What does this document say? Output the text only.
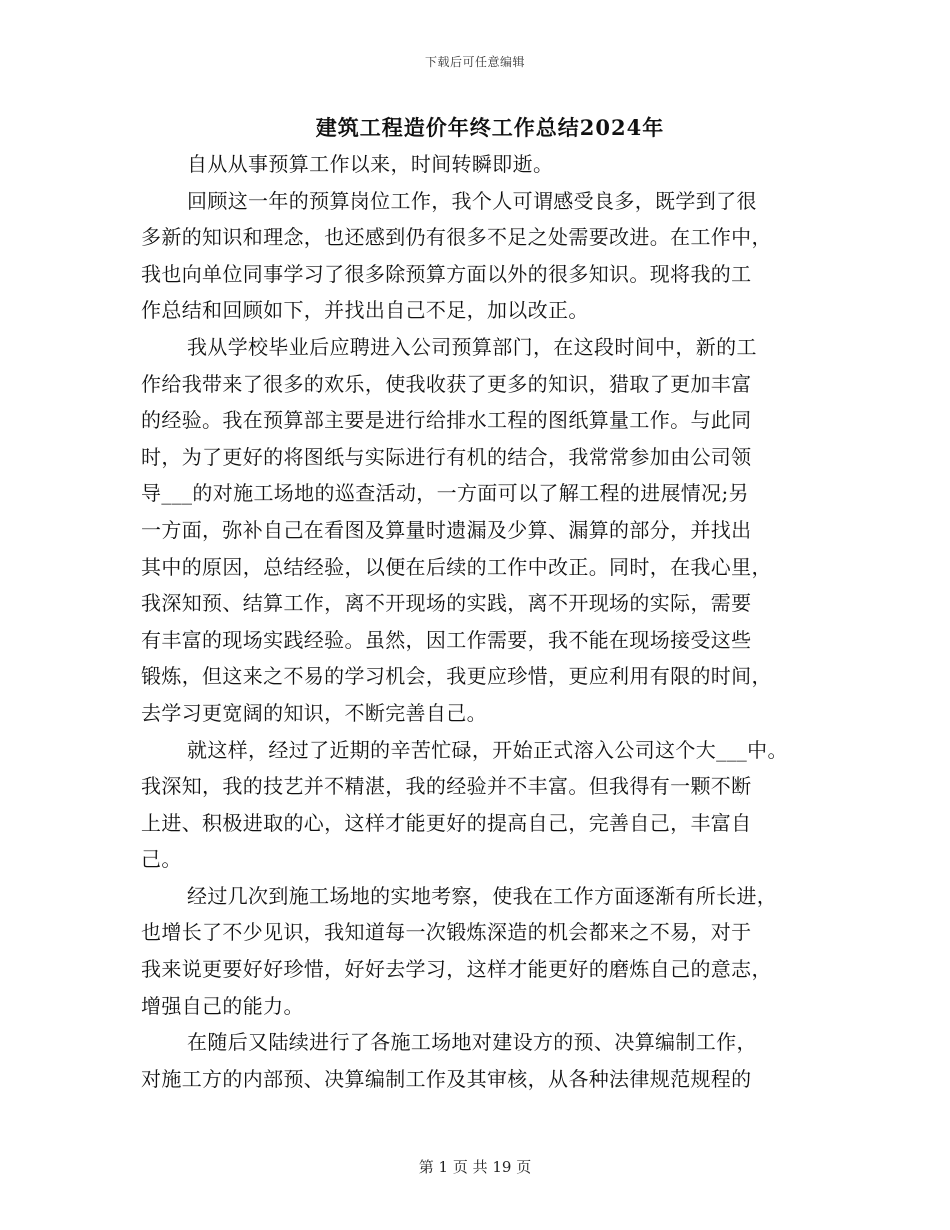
下载后可任意编辑
建筑工程造价年终工作总结2024年
自从从事预算工作以来，时间转瞬即逝。
回顾这一年的预算岗位工作，我个人可谓感受良多，既学到了很
多新的知识和理念，也还感到仍有很多不足之处需要改进。在工作中，
我也向单位同事学习了很多除预算方面以外的很多知识。现将我的工
作总结和回顾如下，并找出自己不足，加以改正。
我从学校毕业后应聘进入公司预算部门，在这段时间中，新的工
作给我带来了很多的欢乐，使我收获了更多的知识，猎取了更加丰富
的经验。我在预算部主要是进行给排水工程的图纸算量工作。与此同
时，为了更好的将图纸与实际进行有机的结合，我常常参加由公司领
导___的对施工场地的巡查活动，一方面可以了解工程的进展情况;另
一方面，弥补自己在看图及算量时遗漏及少算、漏算的部分，并找出
其中的原因，总结经验，以便在后续的工作中改正。同时，在我心里，
我深知预、结算工作，离不开现场的实践，离不开现场的实际，需要
有丰富的现场实践经验。虽然，因工作需要，我不能在现场接受这些
锻炼，但这来之不易的学习机会，我更应珍惜，更应利用有限的时间，
去学习更宽阔的知识，不断完善自己。
就这样，经过了近期的辛苦忙碌，开始正式溶入公司这个大___中。
我深知，我的技艺并不精湛，我的经验并不丰富。但我得有一颗不断
上进、积极进取的心，这样才能更好的提高自己，完善自己，丰富自
己。
经过几次到施工场地的实地考察，使我在工作方面逐渐有所长进，
也增长了不少见识，我知道每一次锻炼深造的机会都来之不易，对于
我来说更要好好珍惜，好好去学习，这样才能更好的磨炼自己的意志，
增强自己的能力。
在随后又陆续进行了各施工场地对建设方的预、决算编制工作，
对施工方的内部预、决算编制工作及其审核，从各种法律规范规程的
第 1 页 共 19 页
